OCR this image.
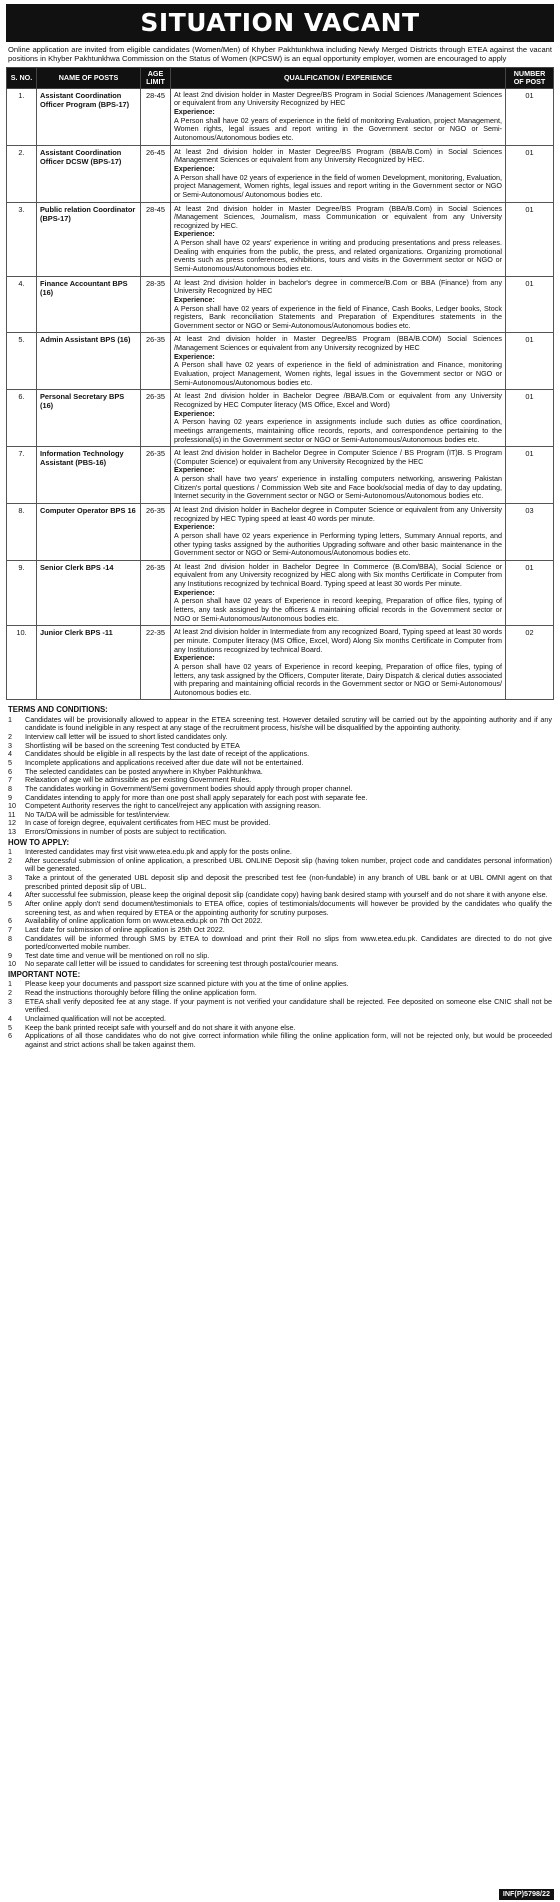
SITUATION VACANT

Online application are invited from eligible candidates (Women/Men) of Khyber Pakhtunkhwa including Newly Merged Districts through ETEA against the vacant positions in Khyber Pakhtunkhwa Commission on the Status of Women (KPCSW) is an equal opportunity employer, women are encouraged to apply

S. NO.	NAME OF POSTS	AGE LIMIT	QUALIFICATION / EXPERIENCE	NUMBER OF POST
1.	Assistant Coordination Officer Program (BPS-17)	28-45	At least 2nd division holder in Master Degree/BS Program in Social Sciences /Management Sciences or equivalent from any University Recognized by HEC
Experience:
A Person shall have 02 years of experience in the field of monitoring Evaluation, project Management, Women rights, legal issues and report writing in the Government sector or NGO or Semi-Autonomous/Autonomous bodies etc.	01
2.	Assistant Coordination Officer DCSW (BPS-17)	26-45	At least 2nd division holder in Master Degree/BS Program (BBA/B.Com) in Social Sciences /Management Sciences or equivalent from any University Recognized by HEC.
Experience:
A Person shall have 02 years of experience in the field of women Development, monitoring, Evaluation, project Management, Women rights, legal issues and report writing in the Government sector or NGO or Semi-Autonomous/ Autonomous bodies etc.	01
3.	Public relation Coordinator (BPS-17)	28-45	At least 2nd division holder in Master Degree/BS Program (BBA/B.Com) in Social Sciences /Management Sciences, Journalism, mass Communication or equivalent from any University recognized by HEC.
Experience:
A Person shall have 02 years' experience in writing and producing presentations and press releases. Dealing with enquiries from the public, the press, and related organizations. Organizing promotional events such as press conferences, exhibitions, tours and visits in the Government sector or NGO or Semi-Autonomous/Autonomous bodies etc.	01
4.	Finance Accountant BPS (16)	28-35	At least 2nd division holder in bachelor's degree in commerce/B.Com or BBA (Finance) from any University Recognized by HEC
Experience:
A Person shall have 02 years of experience in the field of Finance, Cash Books, Ledger books, Stock registers, Bank reconciliation Statements and Preparation of Expenditures statements in the Government sector or NGO or Semi-Autonomous/Autonomous bodies etc.	01
5.	Admin Assistant BPS (16)	26-35	At least 2nd division holder in Master Degree/BS Program (BBA/B.COM) Social Sciences /Management Sciences or equivalent from any University recognized by HEC
Experience:
A Person shall have 02 years of experience in the field of administration and Finance, monitoring Evaluation, project Management, Women rights, legal issues in the Government sector or NGO or Semi-Autonomous/Autonomous bodies etc.	01
6.	Personal Secretary BPS (16)	26-35	At least 2nd division holder in Bachelor Degree /BBA/B.Com or equivalent from any University Recognized by HEC Computer literacy (MS Office, Excel and Word)
Experience:
A Person having 02 years experience in assignments include such duties as office coordination, meetings arrangements, maintaining office records, reports, and correspondence pertaining to the professional(s) in the Government sector or NGO or Semi-Autonomous/Autonomous bodies etc.	01
7.	Information Technology Assistant (PBS-16)	26-35	At least 2nd division holder in Bachelor Degree in Computer Science / BS Program (IT)B. S Program (Computer Science) or equivalent from any University Recognized by the HEC
Experience:
A person shall have two years' experience in installing computers networking, answering Pakistan Citizen's portal questions / Commission Web site and Face book/social media of day to day updating, Internet security in the Government sector or NGO or Semi-Autonomous/Autonomous bodies etc.	01
8.	Computer Operator BPS 16	26-35	At least 2nd division holder in Bachelor degree in Computer Science or equivalent from any University recognized by HEC Typing speed at least 40 words per minute.
Experience:
A person shall have 02 years experience in Performing typing letters, Summary Annual reports, and other typing tasks assigned by the authorities Upgrading software and other basic maintenance in the Government sector or NGO or Semi-Autonomous/Autonomous bodies etc.	03
9.	Senior Clerk BPS -14	26-35	At least 2nd division holder in Bachelor Degree In Commerce (B.Com/BBA), Social Science or equivalent from any University recognized by HEC along with Six months Certificate in Computer from any Institutions recognized by technical Board. Typing speed at least 30 words Per minute.
Experience:
A person shall have 02 years of Experience in record keeping, Preparation of office files, typing of letters, any task assigned by the officers & maintaining official records in the Government sector or NGO or Semi-Autonomous/Autonomous bodies etc.	01
10.	Junior Clerk BPS -11	22-35	At least 2nd division holder in Intermediate from any recognized Board, Typing speed at least 30 words per minute. Computer literacy (MS Office, Excel, Word) Along Six months Certificate in Computer from any Institutions recognized by technical Board.
Experience:
A person shall have 02 years of Experience in record keeping, Preparation of office files, typing of letters, any task assigned by the Officers, Computer literate, Dairy Dispatch & clerical duties associated with preparing and maintaining official records in the Government sector or NGO or Semi-Autonomous/ Autonomous bodies etc.	02
TERMS AND CONDITIONS:
1	Candidates will be provisionally allowed to appear in the ETEA screening test. However detailed scrutiny will be carried out by the appointing authority and if any candidate is found ineligible in any respect at any stage of the recruitment process, his/she will be disqualified by the appointing authority.
2	Interview call letter will be issued to short listed candidates only.
3	Shortlisting will be based on the screening Test conducted by ETEA
4	Candidates should be eligible in all respects by the last date of receipt of the applications.
5	Incomplete applications and applications received after due date will not be entertained.
6	The selected candidates can be posted anywhere in Khyber Pakhtunkhwa.
7	Relaxation of age will be admissible as per existing Government Rules.
8	The candidates working in Government/Semi government bodies should apply through proper channel.
9	Candidates intending to apply for more than one post shall apply separately for each post with separate fee.
10	Competent Authority reserves the right to cancel/reject any application with assigning reason.
11	No TA/DA will be admissible for test/interview.
12	In case of foreign degree, equivalent certificates from HEC must be provided.
13	Errors/Omissions in number of posts are subject to rectification.
HOW TO APPLY:
1	Interested candidates may first visit www.etea.edu.pk and apply for the posts online.
2	After successful submission of online application, a prescribed UBL ONLINE Deposit slip (having token number, project code and candidates personal information) will be generated.
3	Take a printout of the generated UBL deposit slip and deposit the prescribed test fee (non-fundable) in any branch of UBL bank or at UBL OMNI agent on that prescribed printed deposit slip of UBL.
4	After successful fee submission, please keep the original deposit slip (candidate copy) having bank desired stamp with yourself and do not share it with anyone else.
5	After online apply don't send document/testimonials to ETEA office, copies of testimonials/documents will however be provided by the candidates who qualify the screening test, as and when required by ETEA or the appointing authority for scrutiny purposes.
6	Availability of online application form on www.etea.edu.pk on 7th Oct 2022.
7	Last date for submission of online application is 25th Oct 2022.
8	Candidates will be informed through SMS by ETEA to download and print their Roll no slips from www.etea.edu.pk. Candidates are directed to do not give ported/converted mobile number.
9	Test date time and venue will be mentioned on roll no slip.
10	No separate call letter will be issued to candidates for screening test through postal/courier means.
IMPORTANT NOTE:
1	Please keep your documents and passport size scanned picture with you at the time of online applies.
2	Read the instructions thoroughly before filling the online application form.
3	ETEA shall verify deposited fee at any stage. If your payment is not verified your candidature shall be rejected. Fee deposited on someone else CNIC shall not be verified.
4	Unclaimed qualification will not be accepted.
5	Keep the bank printed receipt safe with yourself and do not share it with anyone else.
6	Applications of all those candidates who do not give correct information while filling the online application form, will not be rejected only, but would be proceeded against and strict actions shall be taken against them.
INF(P)5798/22
